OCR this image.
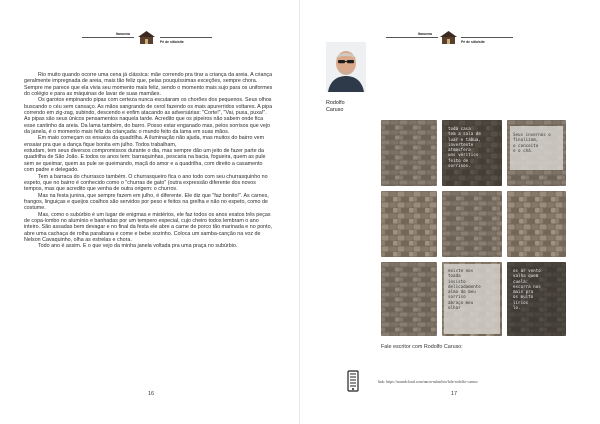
Itanuena
Pé de sítio/site

Rio muito quando ocorre uma cena já clássica: mãe correndo pra tirar a criança da areia. A criança geralmente impregnada de areia, mais tão feliz que, pelas pouquíssimas exceções, sempre chora. Sempre me parece que ela vivia seu momento mais feliz, sendo o momento mais sujo para os uniformes do colégio e para as máquinas de lavar de suas mamães.

Os garotos empinando pipas com certeza nunca escutaram os chorões dos pequenos. Seus olhos buscando o céu sem cansaço. As mãos sangrando de cerol fazendo os mais apurerridos voltares. A pipa correndo em zig-zag, subindo, descendo e enfim atacando as adversárias: "Corte!", "Vai, puxa, puxa!". As pipas são seus únicos pensamentos naquela tarde. Acredito que os pipeiros não sabem onde fica esse cantinho da areia. Da lama também, do barro. Posso estar enganado mas, pelos sorrisos que vejo da janela, é o momento mais feliz da criançada: o mundo feito da lama em suas mãos.

Em maio começam os ensaios da quadrilha. A iluminação não ajuda, mas muitos do bairro vem ensaiar pra que a dança fique bonita em julho. Todos trabalham,

estudam, tem seus diversos compromissos durante o dia, mas sempre dão um jeito de fazer parte da quadrilha de São João. E todos os anos tem: barraquinhas, pescaria na bacia, fogueira, quem as pule sem se queimar, quem as pule se queimando, maçã do amor e a quadrilha, com direito a casamento com padre e delegado.

Tem a barraca do churrasco também. O churrasqueiro fica o ano todo com seu churrasquinho no espeto, que no bairro é conhecido como o "churras de gato" (outra expressão diferente dos novos tempos, mas que acredito que venha de outra origem: o churros.

Mas na festa junina, que sempre fazem em julho, é diferente. Ele diz que "faz bonito!". As carnes, frangos, linguiças e queijos coalhos são servidos por peso e feitos na grelha e não no espeto, como de costume.

Mas, como o subúrbio é um lugar de enigmas e mistérios, ele faz todos os anos exatos três peças de copa-lombo no alumínio e banhadas por um tempero especial, cujo cheiro todos lembram o ano inteiro. São assadas bem devagar e no final da festa ele abre a carne de porco tão marinada e no ponto, abre uma cachaça de rolha paraibana e come e bebe sozinho. Coloca um samba-canção na voz de Nelson Cavaquinho, olha as estrelas e chora.

Todo ano é assim. E o que vejo da minha janela voltada pra uma praça no subúrbio.

16
Itanuena
Pé de sítio/site
Rodolfo
Caruso
toda casa
tem a sala de
luar e tábua,
invertente
atmosfera
uns véritics
feito de
sorrisos.
Seus invernos o
finalizam,
o conceito
e o chá.
existe nos
toada
insisto
delicadamente
alma do meu
sorriso
abraço meu
olhar
os ar vento
valha quem
cuela:
escorra nos
mais pra
os muito
lírios
lo.
Fale escritor com Rodolfo Caruso:
link: https://soundcloud.com/narra-suburbio/fala-rodolfo-caruso
17
